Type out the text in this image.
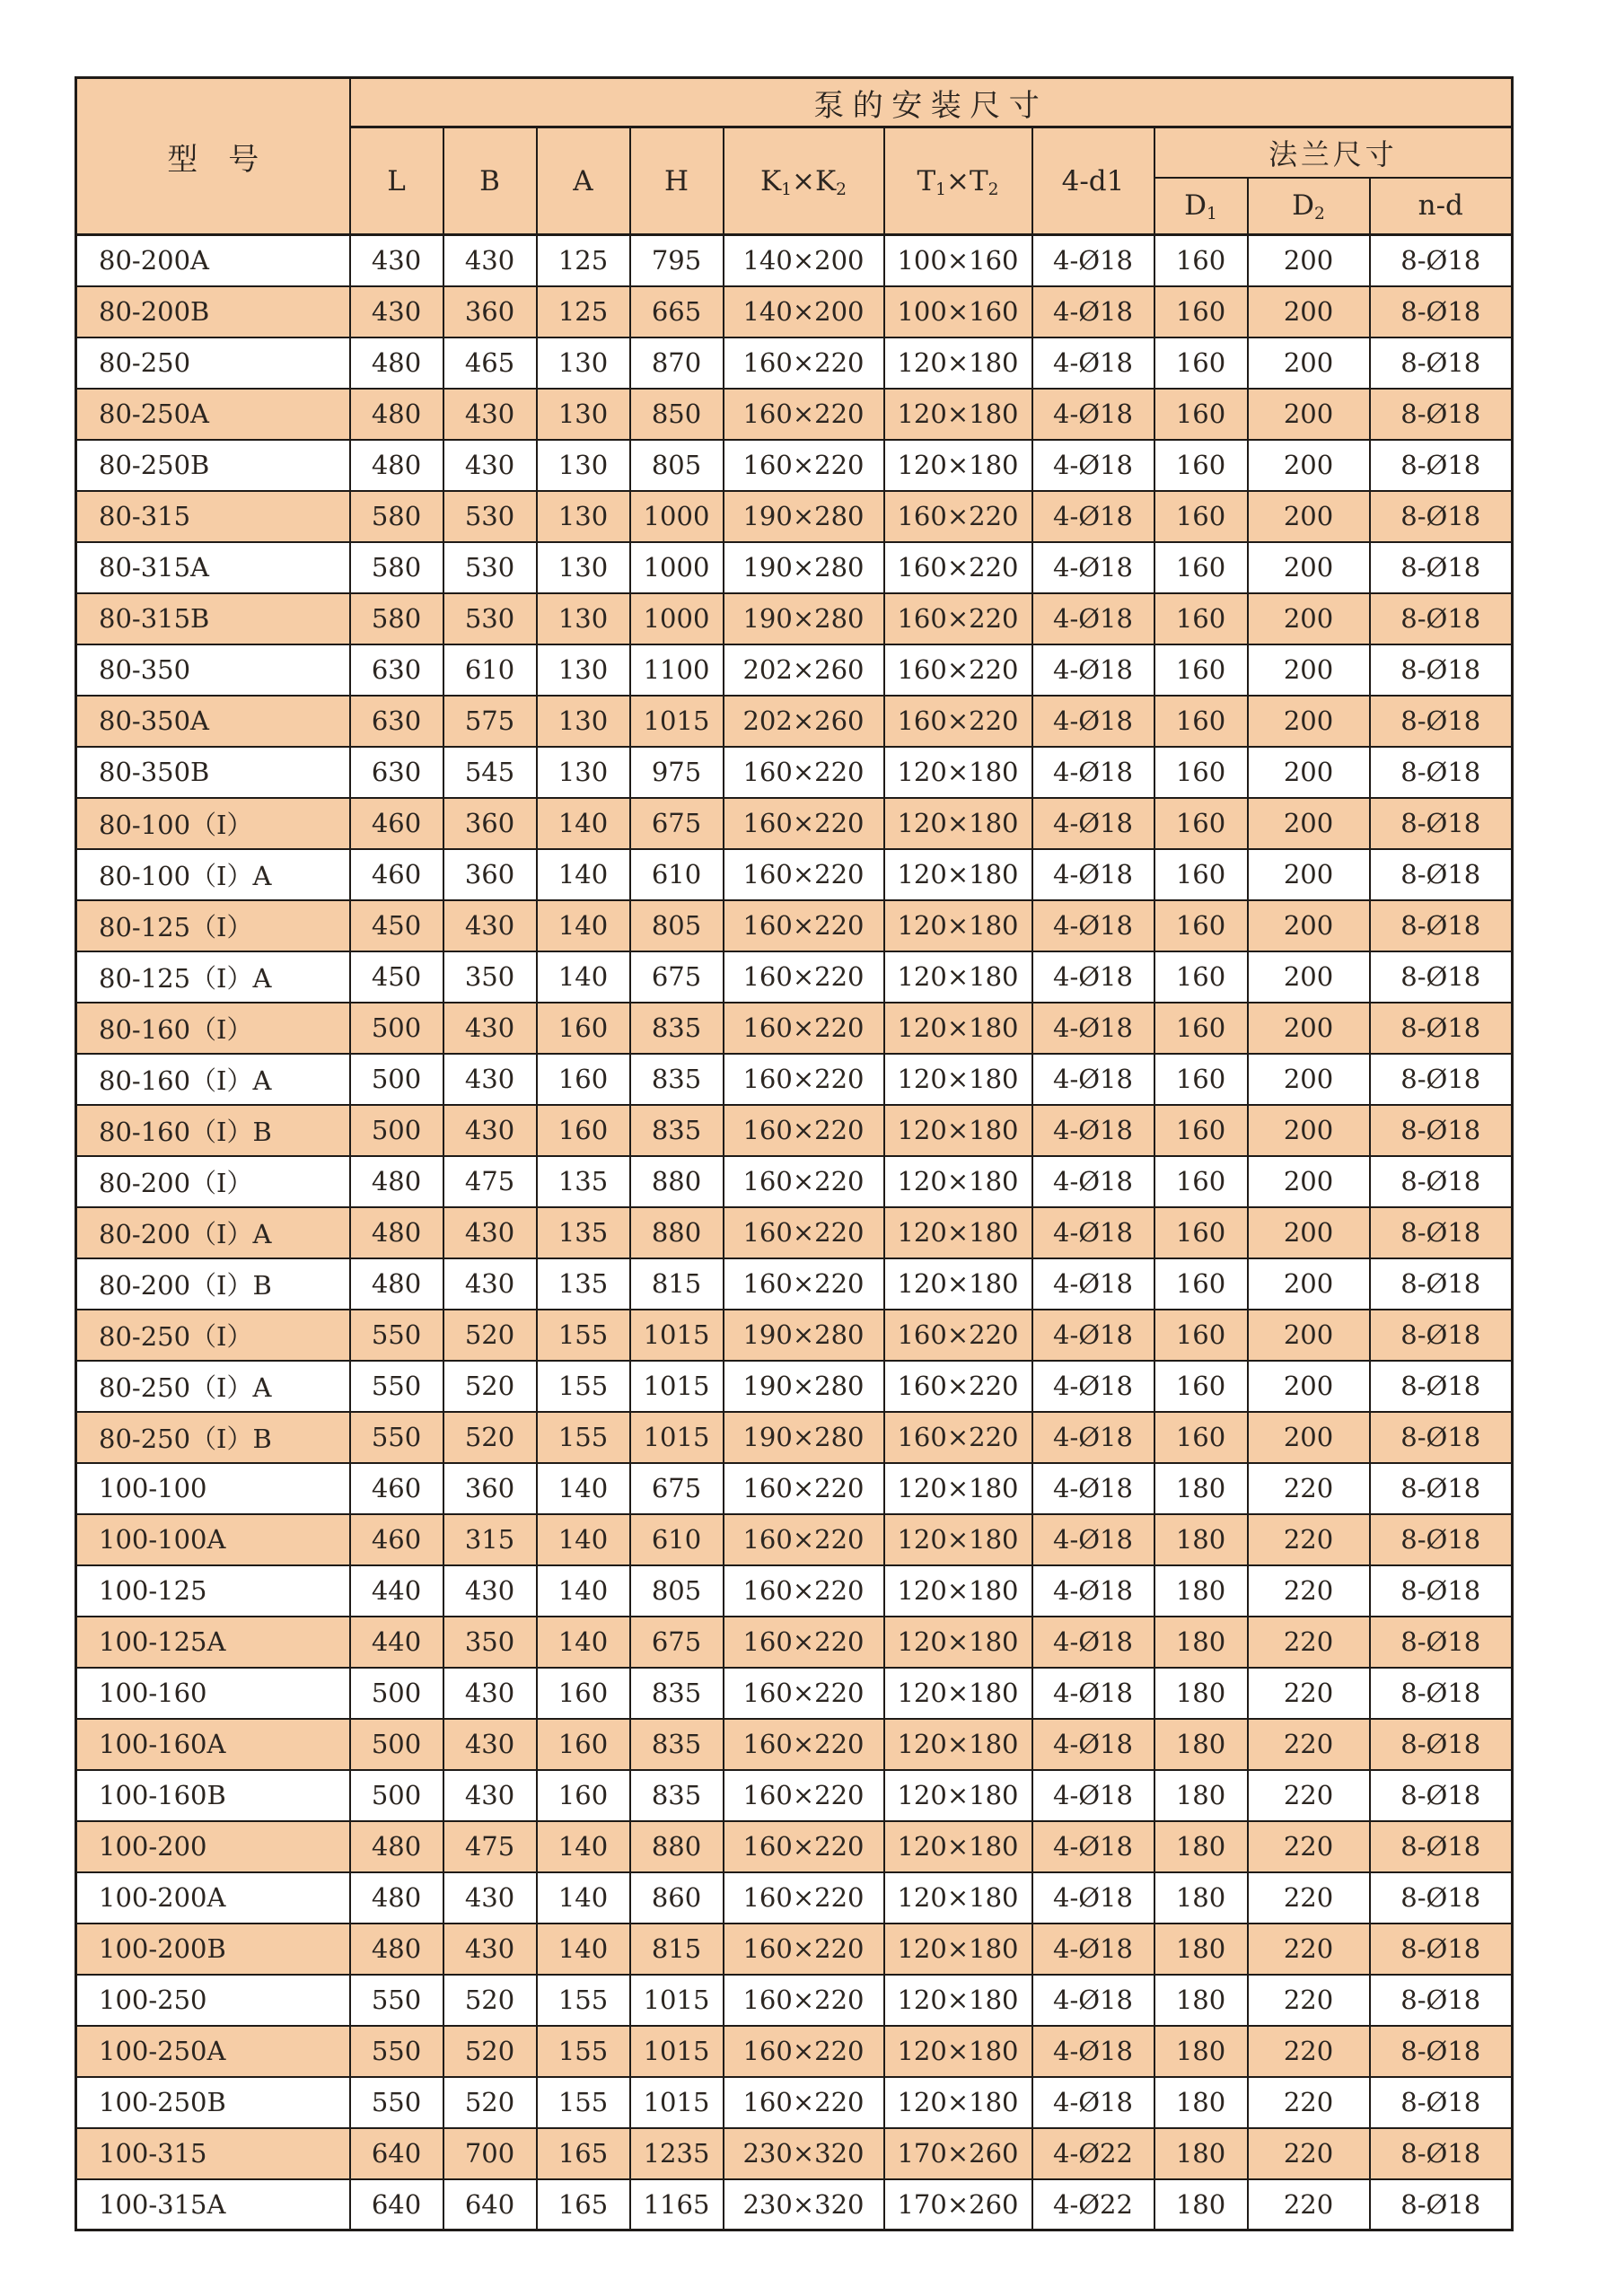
型　号	泵的安装尺寸									
	L	B	A	H	$K_1\times K_2$	$T_1\times T_2$	4-d1	法兰尺寸		
								$D_1$	$D_2$	n-d
80-200A	430	430	125	795	140×200	100×160	4-Ø18	160	200	8-Ø18
80-200B	430	360	125	665	140×200	100×160	4-Ø18	160	200	8-Ø18
80-250	480	465	130	870	160×220	120×180	4-Ø18	160	200	8-Ø18
80-250A	480	430	130	850	160×220	120×180	4-Ø18	160	200	8-Ø18
80-250B	480	430	130	805	160×220	120×180	4-Ø18	160	200	8-Ø18
80-315	580	530	130	1000	190×280	160×220	4-Ø18	160	200	8-Ø18
80-315A	580	530	130	1000	190×280	160×220	4-Ø18	160	200	8-Ø18
80-315B	580	530	130	1000	190×280	160×220	4-Ø18	160	200	8-Ø18
80-350	630	610	130	1100	202×260	160×220	4-Ø18	160	200	8-Ø18
80-350A	630	575	130	1015	202×260	160×220	4-Ø18	160	200	8-Ø18
80-350B	630	545	130	975	160×220	120×180	4-Ø18	160	200	8-Ø18
80-100（I）	460	360	140	675	160×220	120×180	4-Ø18	160	200	8-Ø18
80-100（I）A	460	360	140	610	160×220	120×180	4-Ø18	160	200	8-Ø18
80-125（I）	450	430	140	805	160×220	120×180	4-Ø18	160	200	8-Ø18
80-125（I）A	450	350	140	675	160×220	120×180	4-Ø18	160	200	8-Ø18
80-160（I）	500	430	160	835	160×220	120×180	4-Ø18	160	200	8-Ø18
80-160（I）A	500	430	160	835	160×220	120×180	4-Ø18	160	200	8-Ø18
80-160（I）B	500	430	160	835	160×220	120×180	4-Ø18	160	200	8-Ø18
80-200（I）	480	475	135	880	160×220	120×180	4-Ø18	160	200	8-Ø18
80-200（I）A	480	430	135	880	160×220	120×180	4-Ø18	160	200	8-Ø18
80-200（I）B	480	430	135	815	160×220	120×180	4-Ø18	160	200	8-Ø18
80-250（I）	550	520	155	1015	190×280	160×220	4-Ø18	160	200	8-Ø18
80-250（I）A	550	520	155	1015	190×280	160×220	4-Ø18	160	200	8-Ø18
80-250（I）B	550	520	155	1015	190×280	160×220	4-Ø18	160	200	8-Ø18
100-100	460	360	140	675	160×220	120×180	4-Ø18	180	220	8-Ø18
100-100A	460	315	140	610	160×220	120×180	4-Ø18	180	220	8-Ø18
100-125	440	430	140	805	160×220	120×180	4-Ø18	180	220	8-Ø18
100-125A	440	350	140	675	160×220	120×180	4-Ø18	180	220	8-Ø18
100-160	500	430	160	835	160×220	120×180	4-Ø18	180	220	8-Ø18
100-160A	500	430	160	835	160×220	120×180	4-Ø18	180	220	8-Ø18
100-160B	500	430	160	835	160×220	120×180	4-Ø18	180	220	8-Ø18
100-200	480	475	140	880	160×220	120×180	4-Ø18	180	220	8-Ø18
100-200A	480	430	140	860	160×220	120×180	4-Ø18	180	220	8-Ø18
100-200B	480	430	140	815	160×220	120×180	4-Ø18	180	220	8-Ø18
100-250	550	520	155	1015	160×220	120×180	4-Ø18	180	220	8-Ø18
100-250A	550	520	155	1015	160×220	120×180	4-Ø18	180	220	8-Ø18
100-250B	550	520	155	1015	160×220	120×180	4-Ø18	180	220	8-Ø18
100-315	640	700	165	1235	230×320	170×260	4-Ø22	180	220	8-Ø18
100-315A	640	640	165	1165	230×320	170×260	4-Ø22	180	220	8-Ø18
